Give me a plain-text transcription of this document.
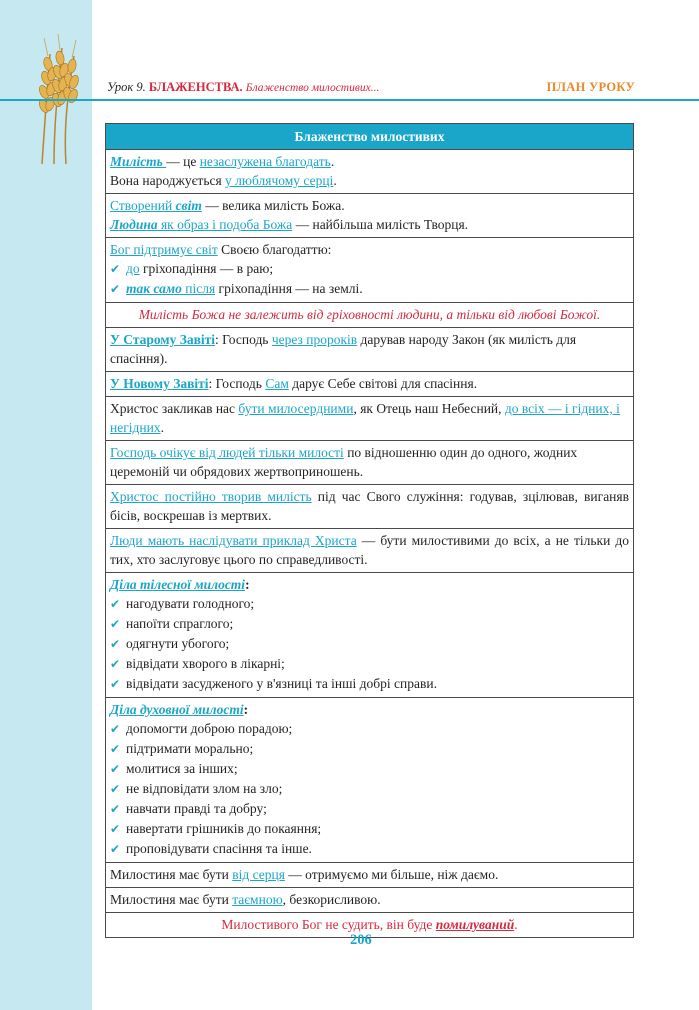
Урок 9. БЛАЖЕНСТВА. Блаженство милостивих...	ПЛАН УРОКУ
Блаженство милостивих

Милість — це незаслужена благодать.
Вона народжується у люблячому серці.

Створений світ — велика милість Божа.
Людина як образ і подоба Божа — найбільша милість Творця.

Бог підтримує світ Своєю благодаттю:
✔ до гріхопадіння — в раю;
✔ так само після гріхопадіння — на землі.

Милість Божа не залежить від гріховності людини, а тільки від любові Божої.
У Старому Завіті: Господь через пророків дарував народу Закон (як милість для спасіння).
У Новому Завіті: Господь Сам дарує Себе світові для спасіння.
Христос закликав нас бути милосердними, як Отець наш Небесний, до всіх — і гідних, і негідних.
Господь очікує від людей тільки милості по відношенню один до одного, жодних церемоній чи обрядових жертвоприношень.
Христос постійно творив милість під час Свого служіння: годував, зцілював, виганяв бісів, воскрешав із мертвих.
Люди мають наслідувати приклад Христа — бути милостивими до всіх, а не тільки до тих, хто заслуговує цього по справедливості.

Діла тілесної милості:
✔ нагодувати голодного;
✔ напоїти спраглого;
✔ одягнути убогого;
✔ відвідати хворого в лікарні;
✔ відвідати засудженого у в'язниці та інші добрі справи.

Діла духовної милості:
✔ допомогти доброю порадою;
✔ підтримати морально;
✔ молитися за інших;
✔ не відповідати злом на зло;
✔ навчати правді та добру;
✔ навертати грішників до покаяння;
✔ проповідувати спасіння та інше.

Милостиня має бути від серця — отримуємо ми більше, ніж даємо.
Милостиня має бути таємною, безкорисливою.
Милостивого Бог не судить, він буде помилуваний.
206
